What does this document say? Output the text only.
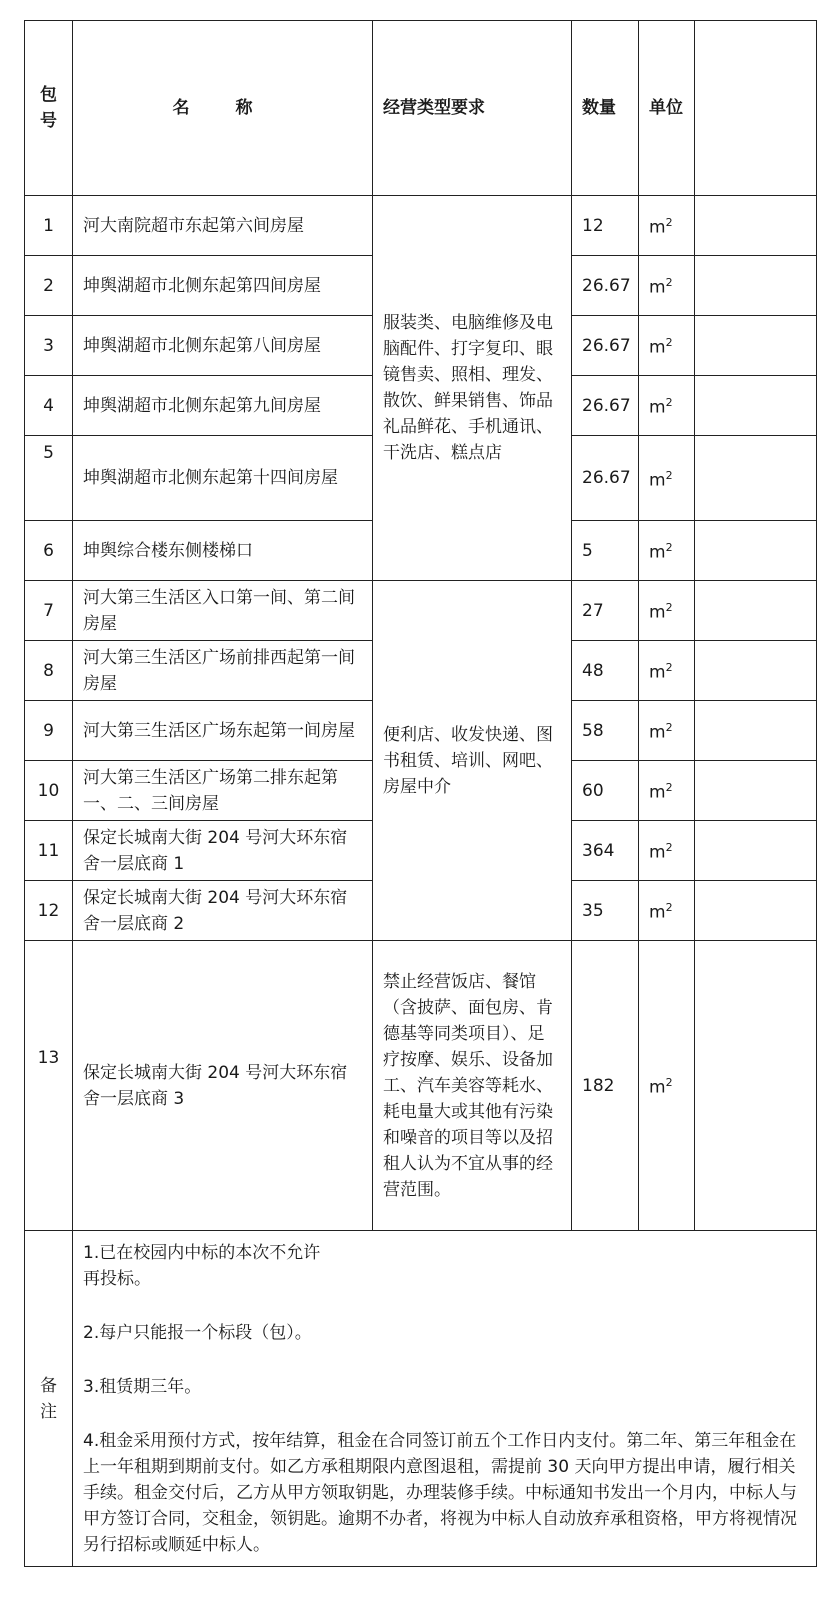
包号	名 称	经营类型要求	数量	单位	
1	河大南院超市东起第六间房屋	服装类、电脑维修及电脑配件、打字复印、眼镜售卖、照相、理发、散饮、鲜果销售、饰品礼品鲜花、手机通讯、干洗店、糕点店	12	$m^2$	
2	坤舆湖超市北侧东起第四间房屋		26.67	$m^2$	
3	坤舆湖超市北侧东起第八间房屋		26.67	$m^2$	
4	坤舆湖超市北侧东起第九间房屋		26.67	$m^2$	
5	坤舆湖超市北侧东起第十四间房屋		26.67	$m^2$	
6	坤舆综合楼东侧楼梯口		5	$m^2$	
7	河大第三生活区入口第一间、第二间房屋	便利店、收发快递、图书租赁、培训、网吧、房屋中介	27	$m^2$	
8	河大第三生活区广场前排西起第一间房屋		48	$m^2$	
9	河大第三生活区广场东起第一间房屋		58	$m^2$	
10	河大第三生活区广场第二排东起第一、二、三间房屋		60	$m^2$	
11	保定长城南大街 204 号河大环东宿舍一层底商 1		364	$m^2$	
12	保定长城南大街 204 号河大环东宿舍一层底商 2		35	$m^2$	
13	保定长城南大街 204 号河大环东宿舍一层底商 3	禁止经营饭店、餐馆（含披萨、面包房、肯德基等同类项目）、足疗按摩、娱乐、设备加工、汽车美容等耗水、耗电量大或其他有污染和噪音的项目等以及招租人认为不宜从事的经营范围。	182	$m^2$	
备注	1.已在校园内中标的本次不允许再投标。

2.每户只能报一个标段（包）。

3.租赁期三年。

4.租金采用预付方式，按年结算，租金在合同签订前五个工作日内支付。第二年、第三年租金在上一年租期到期前支付。如乙方承租期限内意图退租，需提前 30 天向甲方提出申请，履行相关手续。租金交付后，乙方从甲方领取钥匙，办理装修手续。中标通知书发出一个月内，中标人与甲方签订合同，交租金，领钥匙。逾期不办者，将视为中标人自动放弃承租资格，甲方将视情况另行招标或顺延中标人。				
